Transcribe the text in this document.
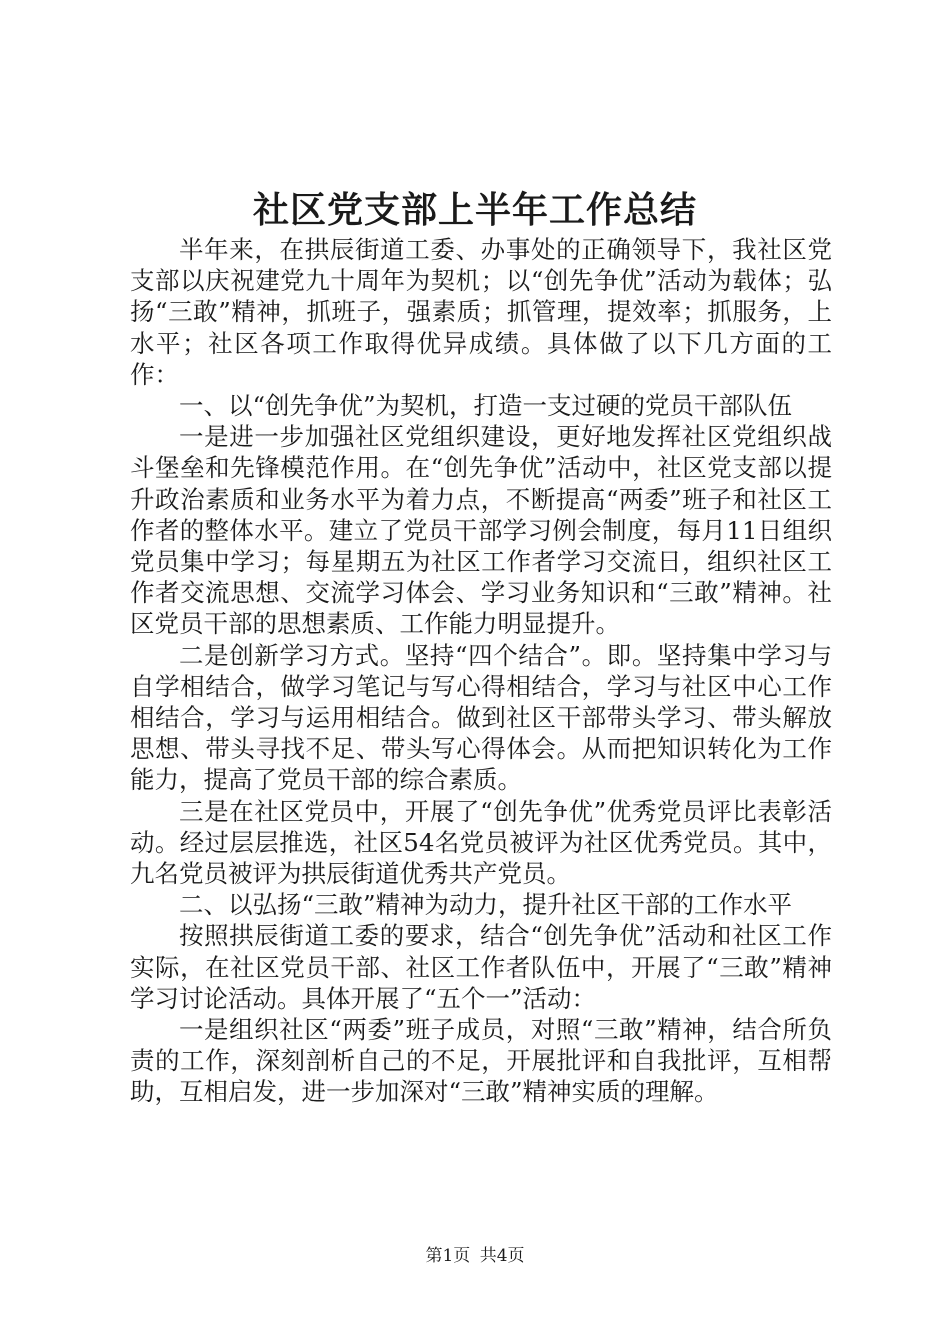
社区党支部上半年工作总结

半年来，在拱辰街道工委、办事处的正确领导下，我社区党支部以庆祝建党九十周年为契机；以“创先争优”活动为载体；弘扬“三敢”精神，抓班子，强素质；抓管理，提效率；抓服务，上水平；社区各项工作取得优异成绩。具体做了以下几方面的工作：

一、以“创先争优”为契机，打造一支过硬的党员干部队伍

一是进一步加强社区党组织建设，更好地发挥社区党组织战斗堡垒和先锋模范作用。在“创先争优”活动中，社区党支部以提升政治素质和业务水平为着力点，不断提高“两委”班子和社区工作者的整体水平。建立了党员干部学习例会制度，每月11日组织党员集中学习；每星期五为社区工作者学习交流日，组织社区工作者交流思想、交流学习体会、学习业务知识和“三敢”精神。社区党员干部的思想素质、工作能力明显提升。

二是创新学习方式。坚持“四个结合”。即。坚持集中学习与自学相结合，做学习笔记与写心得相结合，学习与社区中心工作相结合，学习与运用相结合。做到社区干部带头学习、带头解放思想、带头寻找不足、带头写心得体会。从而把知识转化为工作能力，提高了党员干部的综合素质。

三是在社区党员中，开展了“创先争优”优秀党员评比表彰活动。经过层层推选，社区54名党员被评为社区优秀党员。其中，九名党员被评为拱辰街道优秀共产党员。

二、以弘扬“三敢”精神为动力，提升社区干部的工作水平

按照拱辰街道工委的要求，结合“创先争优”活动和社区工作实际，在社区党员干部、社区工作者队伍中，开展了“三敢”精神学习讨论活动。具体开展了“五个一”活动：

一是组织社区“两委”班子成员，对照“三敢”精神，结合所负责的工作，深刻剖析自己的不足，开展批评和自我批评，互相帮助，互相启发，进一步加深对“三敢”精神实质的理解。

第1页 共4页
